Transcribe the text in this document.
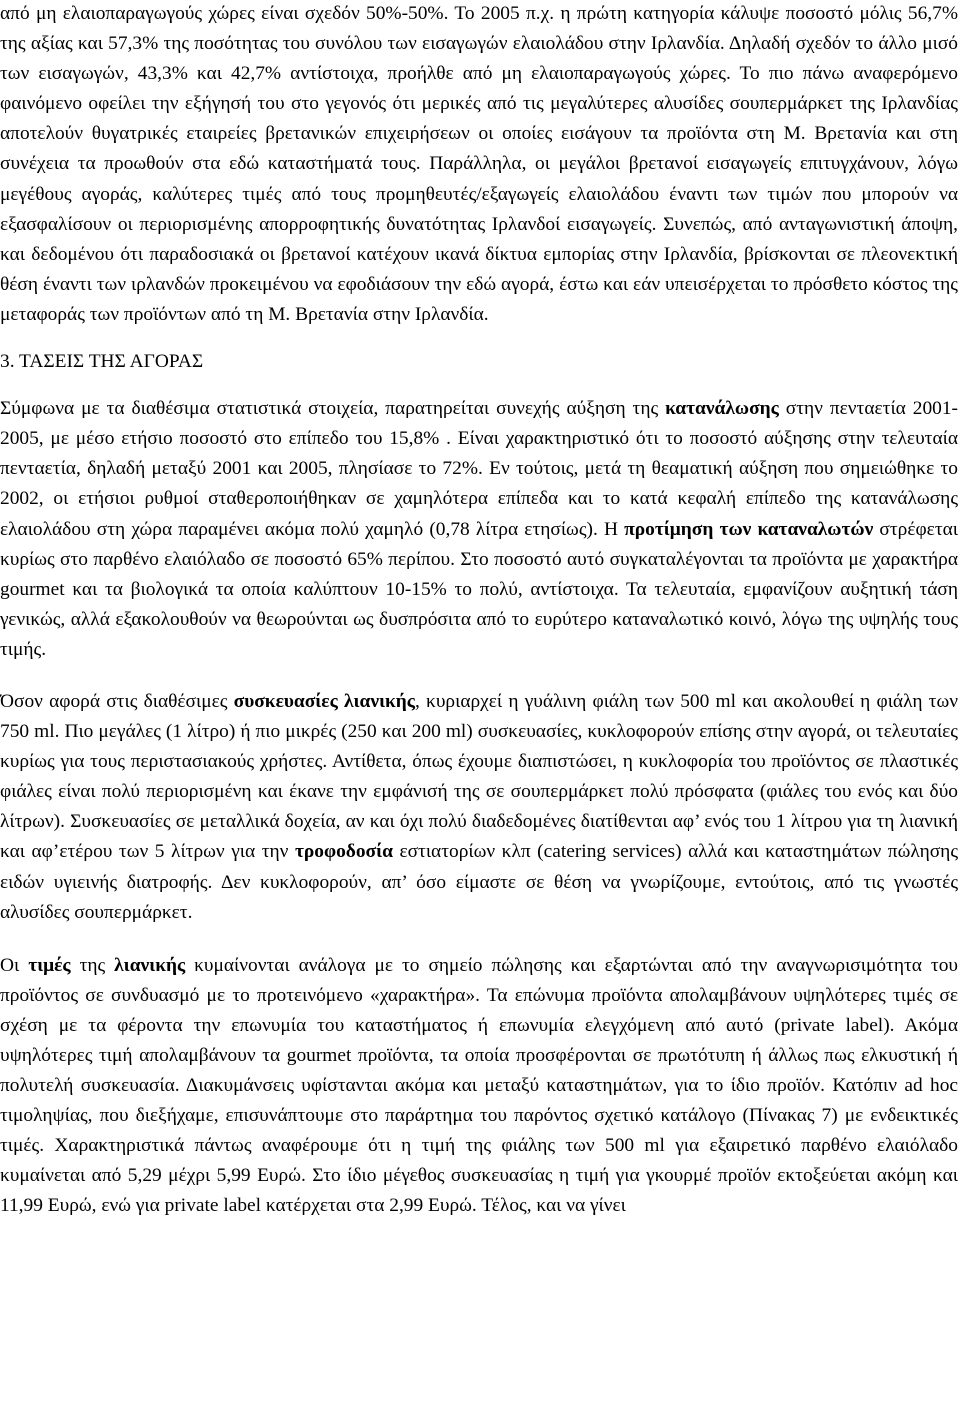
από μη ελαιοπαραγωγούς χώρες είναι σχεδόν 50%-50%. Το 2005 π.χ. η πρώτη κατηγορία κάλυψε ποσοστό μόλις 56,7% της αξίας και 57,3% της ποσότητας του συνόλου των εισαγωγών ελαιολάδου στην Ιρλανδία. Δηλαδή σχεδόν το άλλο μισό των εισαγωγών, 43,3% και 42,7% αντίστοιχα, προήλθε από μη ελαιοπαραγωγούς χώρες. Το πιο πάνω αναφερόμενο φαινόμενο οφείλει την εξήγησή του στο γεγονός ότι μερικές από τις μεγαλύτερες αλυσίδες σουπερμάρκετ της Ιρλανδίας αποτελούν θυγατρικές εταιρείες βρετανικών επιχειρήσεων οι οποίες εισάγουν τα προϊόντα στη Μ. Βρετανία και στη συνέχεια τα προωθούν στα εδώ καταστήματά τους. Παράλληλα, οι μεγάλοι βρετανοί εισαγωγείς επιτυγχάνουν, λόγω μεγέθους αγοράς, καλύτερες τιμές από τους προμηθευτές/εξαγωγείς ελαιολάδου έναντι των τιμών που μπορούν να εξασφαλίσουν οι περιορισμένης απορροφητικής δυνατότητας Ιρλανδοί εισαγωγείς. Συνεπώς, από ανταγωνιστική άποψη, και δεδομένου ότι παραδοσιακά οι βρετανοί κατέχουν ικανά δίκτυα εμπορίας στην Ιρλανδία, βρίσκονται σε πλεονεκτική θέση έναντι των ιρλανδών προκειμένου να εφοδιάσουν την εδώ αγορά, έστω και εάν υπεισέρχεται το πρόσθετο κόστος της μεταφοράς των προϊόντων από τη Μ. Βρετανία στην Ιρλανδία.

3. ΤΑΣΕΙΣ ΤΗΣ ΑΓΟΡΑΣ

Σύμφωνα με τα διαθέσιμα στατιστικά στοιχεία, παρατηρείται συνεχής αύξηση της κατανάλωσης στην πενταετία 2001-2005, με μέσο ετήσιο ποσοστό στο επίπεδο του 15,8% . Είναι χαρακτηριστικό ότι το ποσοστό αύξησης στην τελευταία πενταετία, δηλαδή μεταξύ 2001 και 2005, πλησίασε το 72%. Εν τούτοις, μετά τη θεαματική αύξηση που σημειώθηκε το 2002, οι ετήσιοι ρυθμοί σταθεροποιήθηκαν σε χαμηλότερα επίπεδα και το κατά κεφαλή επίπεδο της κατανάλωσης ελαιολάδου στη χώρα παραμένει ακόμα πολύ χαμηλό (0,78 λίτρα ετησίως). Η προτίμηση των καταναλωτών στρέφεται κυρίως στο παρθένο ελαιόλαδο σε ποσοστό 65% περίπου. Στο ποσοστό αυτό συγκαταλέγονται τα προϊόντα με χαρακτήρα gourmet και τα βιολογικά τα οποία καλύπτουν 10-15% το πολύ, αντίστοιχα. Τα τελευταία, εμφανίζουν αυξητική τάση γενικώς, αλλά εξακολουθούν να θεωρούνται ως δυσπρόσιτα από το ευρύτερο καταναλωτικό κοινό, λόγω της υψηλής τους τιμής.

Όσον αφορά στις διαθέσιμες συσκευασίες λιανικής, κυριαρχεί η γυάλινη φιάλη των 500 ml και ακολουθεί η φιάλη των 750 ml. Πιο μεγάλες (1 λίτρο) ή πιο μικρές (250 και 200 ml) συσκευασίες, κυκλοφορούν επίσης στην αγορά, οι τελευταίες κυρίως για τους περιστασιακούς χρήστες. Αντίθετα, όπως έχουμε διαπιστώσει, η κυκλοφορία του προϊόντος σε πλαστικές φιάλες είναι πολύ περιορισμένη και έκανε την εμφάνισή της σε σουπερμάρκετ πολύ πρόσφατα (φιάλες του ενός και δύο λίτρων). Συσκευασίες σε μεταλλικά δοχεία, αν και όχι πολύ διαδεδομένες διατίθενται αφ’ ενός του 1 λίτρου για τη λιανική και αφ’ετέρου των 5 λίτρων για την τροφοδοσία εστιατορίων κλπ (catering services) αλλά και καταστημάτων πώλησης ειδών υγιεινής διατροφής. Δεν κυκλοφορούν, απ’ όσο είμαστε σε θέση να γνωρίζουμε, εντούτοις, από τις γνωστές αλυσίδες σουπερμάρκετ.

Οι τιμές της λιανικής κυμαίνονται ανάλογα με το σημείο πώλησης και εξαρτώνται από την αναγνωρισιμότητα του προϊόντος σε συνδυασμό με το προτεινόμενο «χαρακτήρα». Τα επώνυμα προϊόντα απολαμβάνουν υψηλότερες τιμές σε σχέση με τα φέροντα την επωνυμία του καταστήματος ή επωνυμία ελεγχόμενη από αυτό (private label). Ακόμα υψηλότερες τιμή απολαμβάνουν τα gourmet προϊόντα, τα οποία προσφέρονται σε πρωτότυπη ή άλλως πως ελκυστική ή πολυτελή συσκευασία. Διακυμάνσεις υφίστανται ακόμα και μεταξύ καταστημάτων, για το ίδιο προϊόν. Κατόπιν ad hoc τιμοληψίας, που διεξήχαμε, επισυνάπτουμε στο παράρτημα του παρόντος σχετικό κατάλογο (Πίνακας 7) με ενδεικτικές τιμές. Χαρακτηριστικά πάντως αναφέρουμε ότι η τιμή της φιάλης των 500 ml για εξαιρετικό παρθένο ελαιόλαδο κυμαίνεται από 5,29 μέχρι 5,99 Ευρώ. Στο ίδιο μέγεθος συσκευασίας η τιμή για γκουρμέ προϊόν εκτοξεύεται ακόμη και 11,99 Ευρώ, ενώ για private label κατέρχεται στα 2,99 Ευρώ. Τέλος, και να γίνει
